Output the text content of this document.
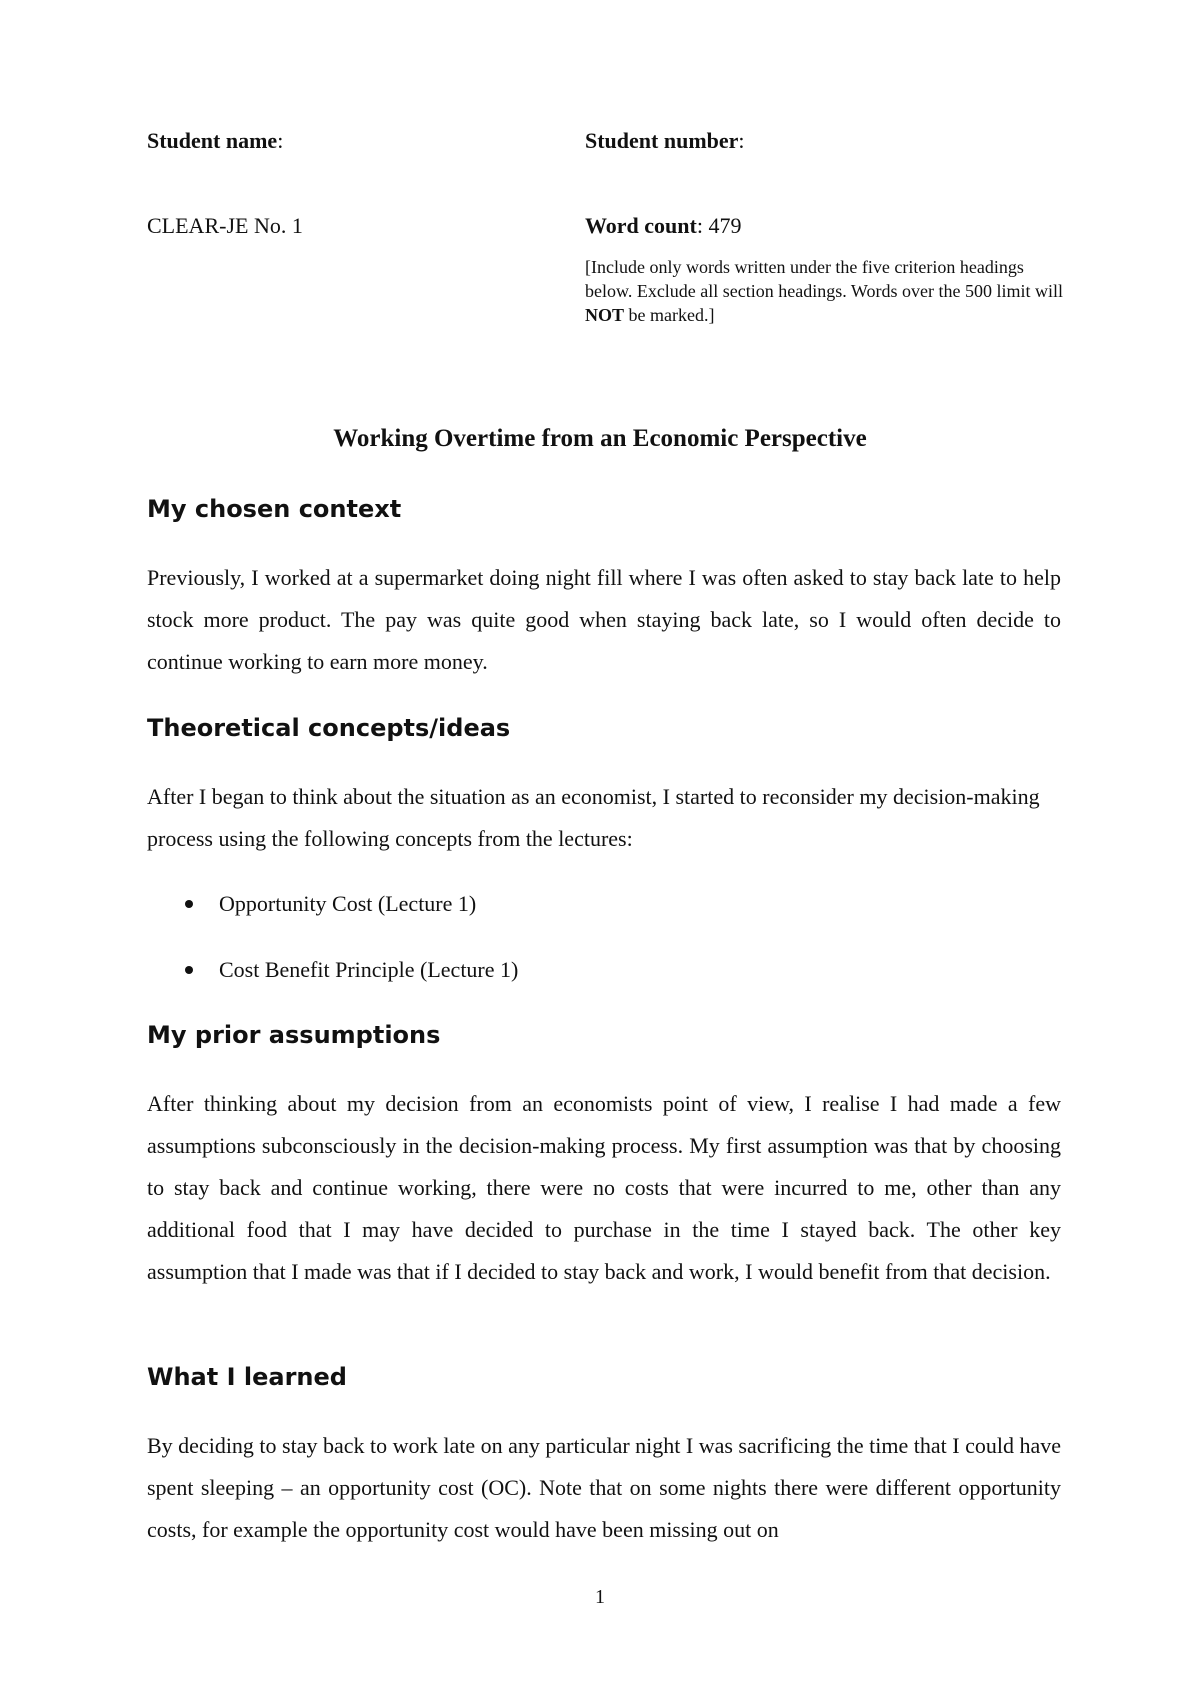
Student name:	Student number:
CLEAR-JE No. 1	Word count: 479
[Include only words written under the five criterion headings below. Exclude all section headings. Words over the 500 limit will NOT be marked.]
Working Overtime from an Economic Perspective
My chosen context
Previously, I worked at a supermarket doing night fill where I was often asked to stay back late to help stock more product. The pay was quite good when staying back late, so I would often decide to continue working to earn more money.
Theoretical concepts/ideas
After I began to think about the situation as an economist, I started to reconsider my decision-making process using the following concepts from the lectures:
Opportunity Cost (Lecture 1)
Cost Benefit Principle (Lecture 1)
My prior assumptions
After thinking about my decision from an economists point of view, I realise I had made a few assumptions subconsciously in the decision-making process. My first assumption was that by choosing to stay back and continue working, there were no costs that were incurred to me, other than any additional food that I may have decided to purchase in the time I stayed back. The other key assumption that I made was that if I decided to stay back and work, I would benefit from that decision.
What I learned
By deciding to stay back to work late on any particular night I was sacrificing the time that I could have spent sleeping – an opportunity cost (OC). Note that on some nights there were different opportunity costs, for example the opportunity cost would have been missing out on
1
